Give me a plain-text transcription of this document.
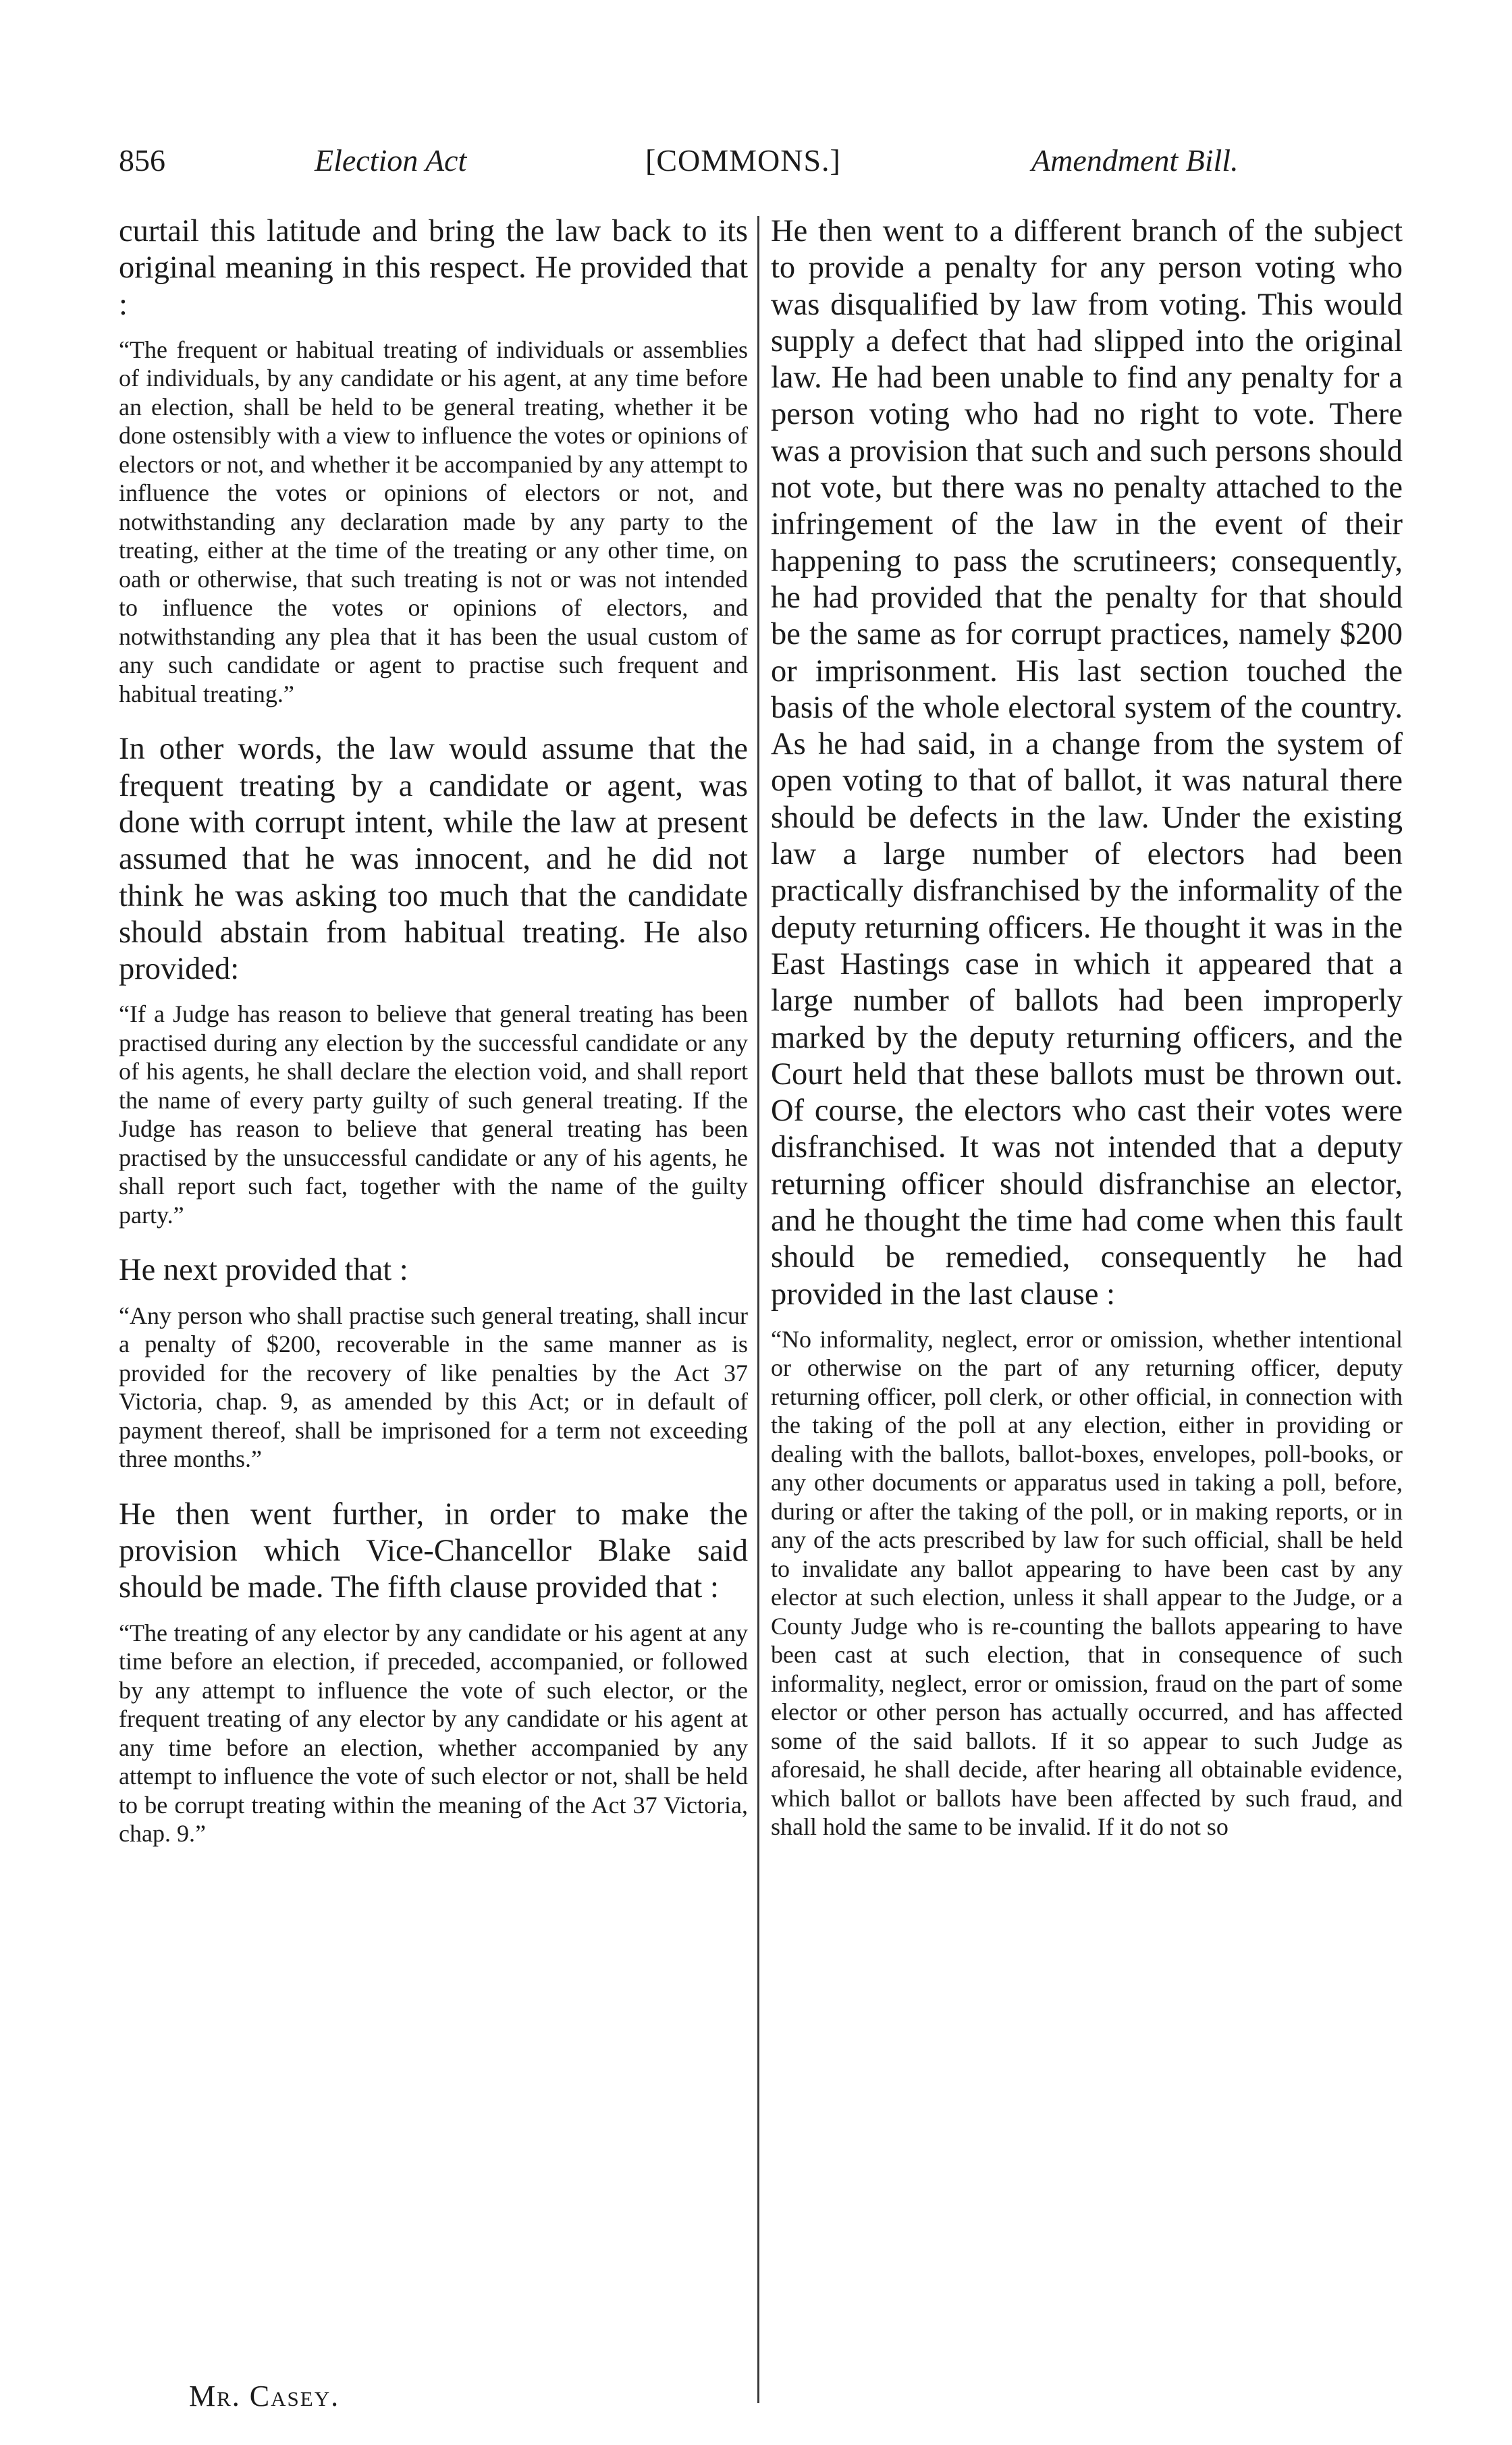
856	Election Act	[COMMONS.]	Amendment Bill.

curtail this latitude and bring the law back to its original meaning in this respect. He provided that :

“The frequent or habitual treating of individuals or assemblies of individuals, by any candidate or his agent, at any time before an election, shall be held to be general treating, whether it be done ostensibly with a view to influence the votes or opinions of electors or not, and whether it be accompanied by any attempt to influence the votes or opinions of electors or not, and notwithstanding any declaration made by any party to the treating, either at the time of the treating or any other time, on oath or otherwise, that such treating is not or was not intended to influence the votes or opinions of electors, and notwithstanding any plea that it has been the usual custom of any such candidate or agent to practise such frequent and habitual treating.”

In other words, the law would assume that the frequent treating by a candidate or agent, was done with corrupt intent, while the law at present assumed that he was innocent, and he did not think he was asking too much that the candidate should abstain from habitual treating. He also provided:

“If a Judge has reason to believe that general treating has been practised during any election by the successful candidate or any of his agents, he shall declare the election void, and shall report the name of every party guilty of such general treating. If the Judge has reason to believe that general treating has been practised by the unsuccessful candidate or any of his agents, he shall report such fact, together with the name of the guilty party.”

He next provided that :

“Any person who shall practise such general treating, shall incur a penalty of $200, recoverable in the same manner as is provided for the recovery of like penalties by the Act 37 Victoria, chap. 9, as amended by this Act; or in default of payment thereof, shall be imprisoned for a term not exceeding three months.”

He then went further, in order to make the provision which Vice-Chancellor Blake said should be made. The fifth clause provided that :

“The treating of any elector by any candidate or his agent at any time before an election, if preceded, accompanied, or followed by any attempt to influence the vote of such elector, or the frequent treating of any elector by any candidate or his agent at any time before an election, whether accompanied by any attempt to influence the vote of such elector or not, shall be held to be corrupt treating within the meaning of the Act 37 Victoria, chap. 9.”

He then went to a different branch of the subject to provide a penalty for any person voting who was disqualified by law from voting. This would supply a defect that had slipped into the original law. He had been unable to find any penalty for a person voting who had no right to vote. There was a provision that such and such persons should not vote, but there was no penalty attached to the infringement of the law in the event of their happening to pass the scrutineers; consequently, he had provided that the penalty for that should be the same as for corrupt practices, namely $200 or imprisonment. His last section touched the basis of the whole electoral system of the country. As he had said, in a change from the system of open voting to that of ballot, it was natural there should be defects in the law. Under the existing law a large number of electors had been practically disfranchised by the informality of the deputy returning officers. He thought it was in the East Hastings case in which it appeared that a large number of ballots had been improperly marked by the deputy returning officers, and the Court held that these ballots must be thrown out. Of course, the electors who cast their votes were disfranchised. It was not intended that a deputy returning officer should disfranchise an elector, and he thought the time had come when this fault should be remedied, consequently he had provided in the last clause :

“No informality, neglect, error or omission, whether intentional or otherwise on the part of any returning officer, deputy returning officer, poll clerk, or other official, in connection with the taking of the poll at any election, either in providing or dealing with the ballots, ballot-boxes, envelopes, poll-books, or any other documents or apparatus used in taking a poll, before, during or after the taking of the poll, or in making reports, or in any of the acts prescribed by law for such official, shall be held to invalidate any ballot appearing to have been cast by any elector at such election, unless it shall appear to the Judge, or a County Judge who is re-counting the ballots appearing to have been cast at such election, that in consequence of such informality, neglect, error or omission, fraud on the part of some elector or other person has actually occurred, and has affected some of the said ballots. If it so appear to such Judge as aforesaid, he shall decide, after hearing all obtainable evidence, which ballot or ballots have been affected by such fraud, and shall hold the same to be invalid. If it do not so

Mr. Casey.
